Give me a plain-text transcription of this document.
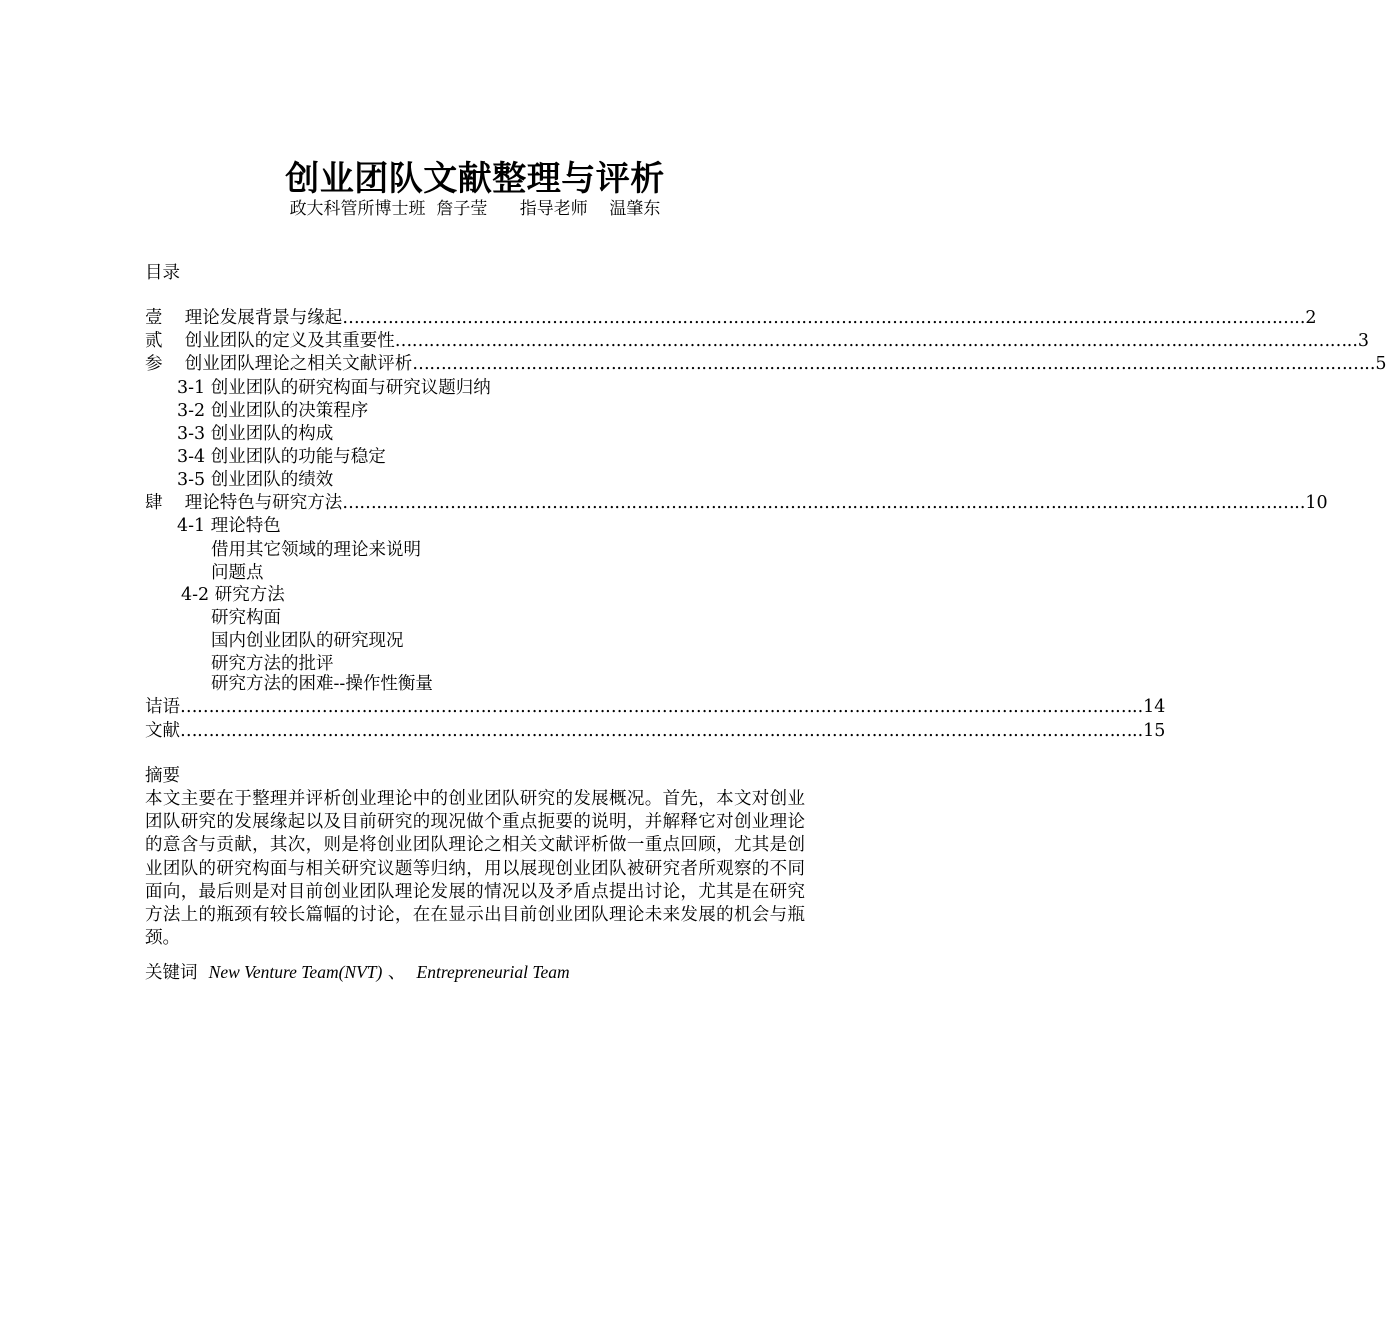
创业团队文献整理与评析
政大科管所博士班  詹子莹      指导老师    温肇东
目录
壹    理论发展背景与缘起 …………………………………………………………………………………………………………………………………………………… ..2
贰    创业团队的定义及其重要性 …………………………………………………………………………………………………………………………………………………… ..3
参    创业团队理论之相关文献评析 …………………………………………………………………………………………………………………………………………………… ..5
3-1 创业团队的研究构面与研究议题归纳
3-2 创业团队的决策程序
3-3 创业团队的构成
3-4 创业团队的功能与稳定
3-5 创业团队的绩效
肆    理论特色与研究方法 …………………………………………………………………………………………………………………………………………………… ..10
4-1 理论特色
借用其它领域的理论来说明
问题点
4-2 研究方法
研究构面
国内创业团队的研究现况
研究方法的批评
研究方法的困难--操作性衡量
诘语 …………………………………………………………………………………………………………………………………………………… ..14
文献 …………………………………………………………………………………………………………………………………………………… ..15
摘要
本文主要在于整理并评析创业理论中的创业团队研究的发展概况。首先，本文对创业团队研究的发展缘起以及目前研究的现况做个重点扼要的说明，并解释它对创业理论的意含与贡献，其次，则是将创业团队理论之相关文献评析做一重点回顾，尤其是创业团队的研究构面与相关研究议题等归纳，用以展现创业团队被研究者所观察的不同面向，最后则是对目前创业团队理论发展的情况以及矛盾点提出讨论，尤其是在研究方法上的瓶颈有较长篇幅的讨论，在在显示出目前创业团队理论未来发展的机会与瓶颈。
关键词  New Venture Team(NVT) 、  Entrepreneurial Team
